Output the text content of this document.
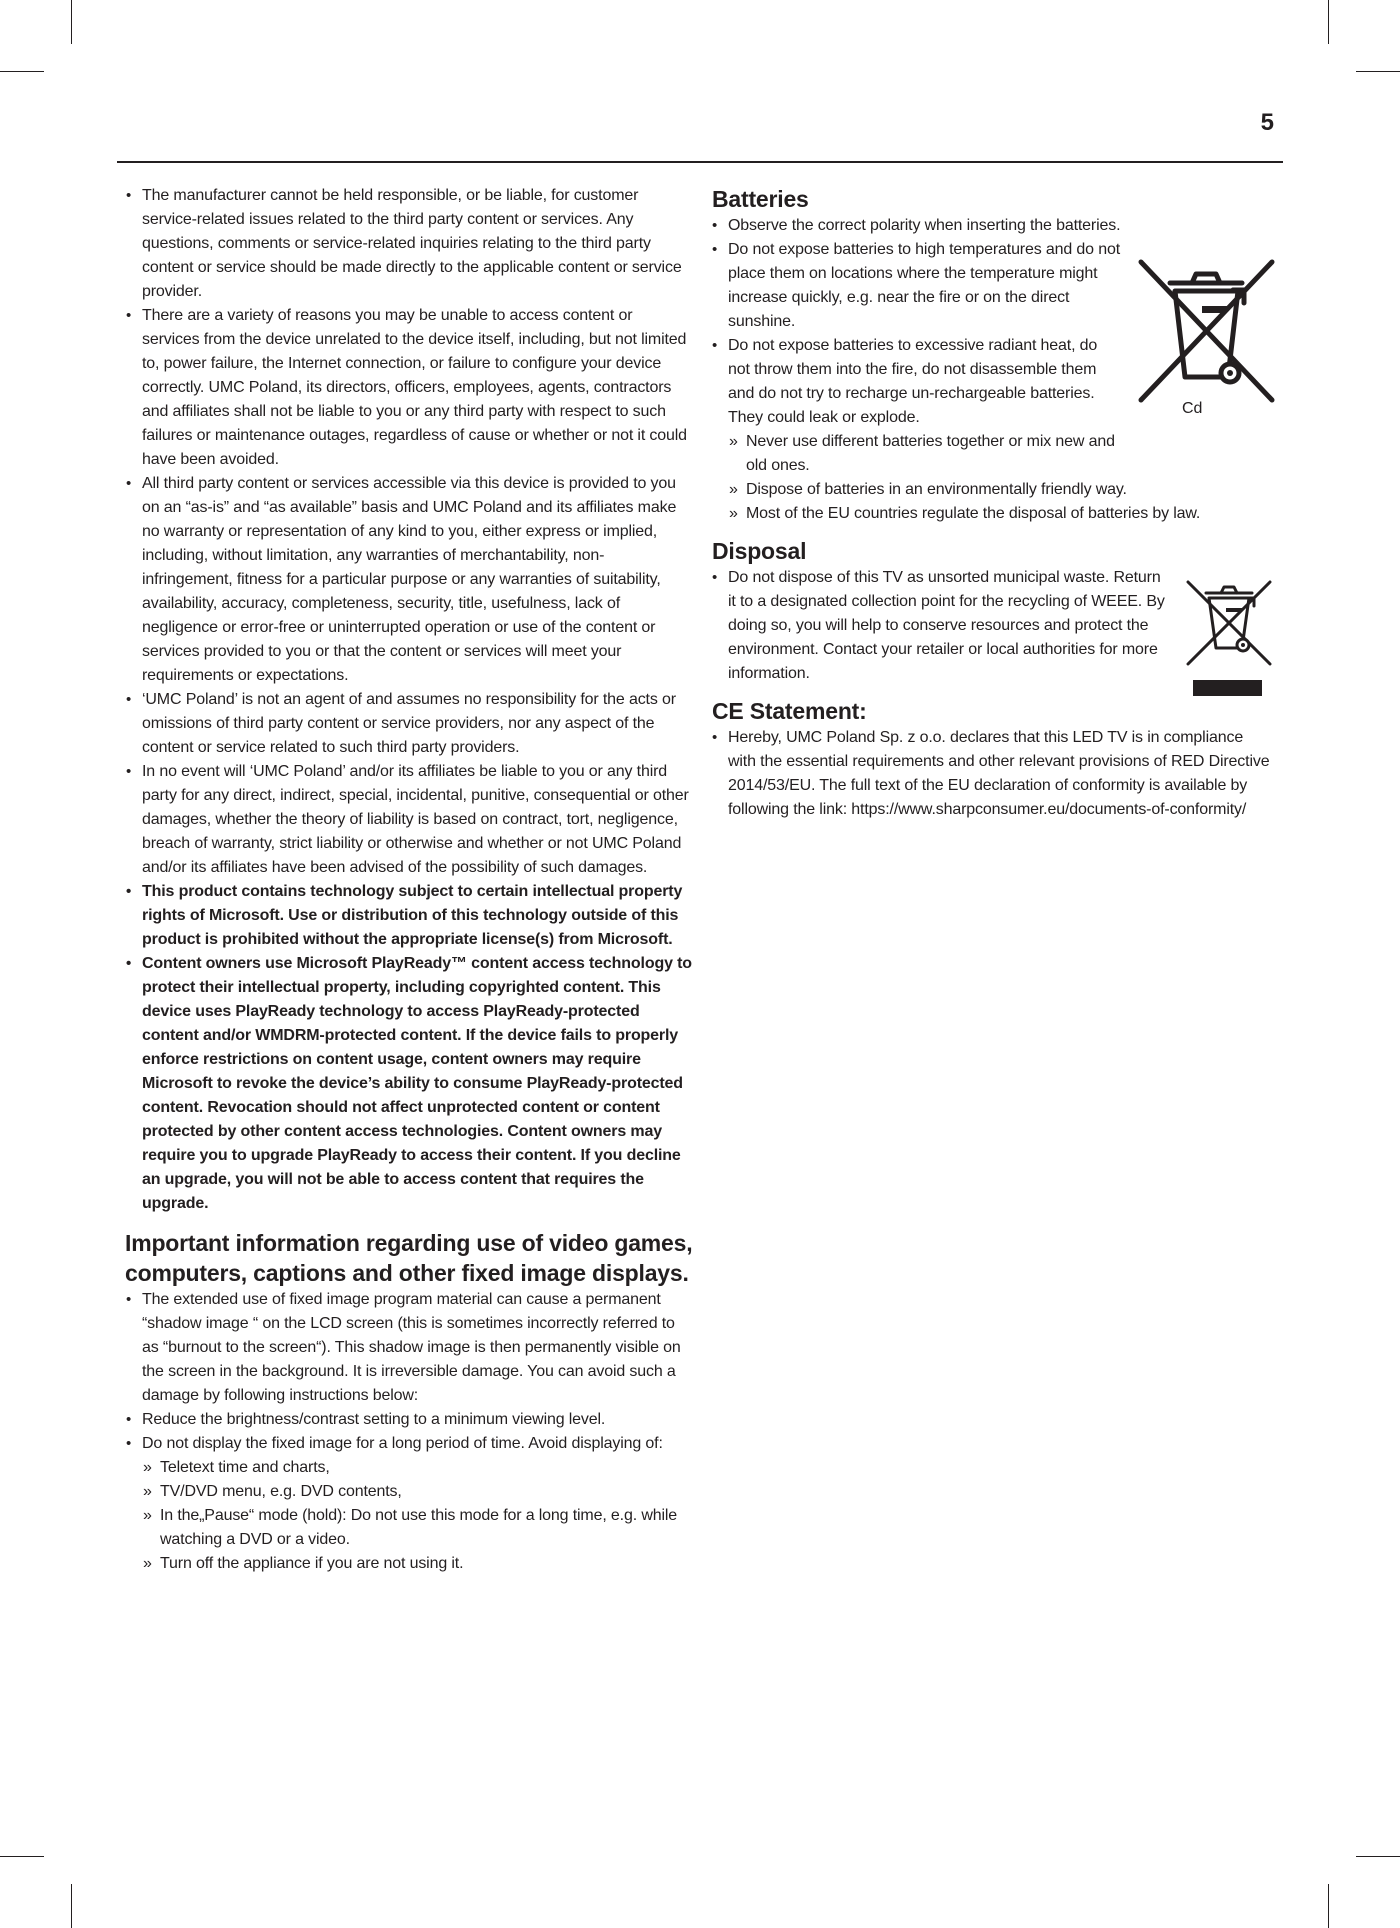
5
• The manufacturer cannot be held responsible, or be liable, for customer service-related issues related to the third party content or services. Any questions, comments or service-related inquiries relating to the third party content or service should be made directly to the applicable content or service provider.
• There are a variety of reasons you may be unable to access content or services from the device unrelated to the device itself, including, but not limited to, power failure, the Internet connection, or failure to configure your device correctly. UMC Poland, its directors, officers, employees, agents, contractors and affiliates shall not be liable to you or any third party with respect to such failures or maintenance outages, regardless of cause or whether or not it could have been avoided.
• All third party content or services accessible via this device is provided to you on an “as-is” and “as available” basis and UMC Poland and its affiliates make no warranty or representation of any kind to you, either express or implied, including, without limitation, any warranties of merchantability, non-infringement, fitness for a particular purpose or any warranties of suitability, availability, accuracy, completeness, security, title, usefulness, lack of negligence or error-free or uninterrupted operation or use of the content or services provided to you or that the content or services will meet your requirements or expectations.
• ‘UMC Poland’ is not an agent of and assumes no responsibility for the acts or omissions of third party content or service providers, nor any aspect of the content or service related to such third party providers.
• In no event will ‘UMC Poland’ and/or its affiliates be liable to you or any third party for any direct, indirect, special, incidental, punitive, consequential or other damages, whether the theory of liability is based on contract, tort, negligence, breach of warranty, strict liability or otherwise and whether or not UMC Poland and/or its affiliates have been advised of the possibility of such damages.
• This product contains technology subject to certain intellectual property rights of Microsoft. Use or distribution of this technology outside of this product is prohibited without the appropriate license(s) from Microsoft.
• Content owners use Microsoft PlayReady™ content access technology to protect their intellectual property, including copyrighted content. This device uses PlayReady technology to access PlayReady-protected content and/or WMDRM-protected content. If the device fails to properly enforce restrictions on content usage, content owners may require Microsoft to revoke the device’s ability to consume PlayReady-protected content. Revocation should not affect unprotected content or content protected by other content access technologies. Content owners may require you to upgrade PlayReady to access their content. If you decline an upgrade, you will not be able to access content that requires the upgrade.
Important information regarding use of video games, computers, captions and other fixed image displays.
• The extended use of fixed image program material can cause a permanent “shadow image “ on the LCD screen (this is sometimes incorrectly referred to as “burnout to the screen“). This shadow image is then permanently visible on the screen in the background. It is irreversible damage. You can avoid such a damage by following instructions below:
• Reduce the brightness/contrast setting to a minimum viewing level.
• Do not display the fixed image for a long period of time. Avoid displaying of:
» Teletext time and charts,
» TV/DVD menu, e.g. DVD contents,
» In the„Pause“ mode (hold): Do not use this mode for a long time, e.g. while watching a DVD or a video.
» Turn off the appliance if you are not using it.
Batteries
• Observe the correct polarity when inserting the batteries.
• Do not expose batteries to high temperatures and do not place them on locations where the temperature might increase quickly, e.g. near the fire or on the direct sunshine.
• Do not expose batteries to excessive radiant heat, do not throw them into the fire, do not disassemble them and do not try to recharge un-rechargeable batteries. They could leak or explode.
» Never use different batteries together or mix new and old ones.
» Dispose of batteries in an environmentally friendly way.
» Most of the EU countries regulate the disposal of batteries by law.
Disposal
• Do not dispose of this TV as unsorted municipal waste. Return it to a designated collection point for the recycling of WEEE. By doing so, you will help to conserve resources and protect the environment. Contact your retailer or local authorities for more information.
CE Statement:
• Hereby, UMC Poland Sp. z o.o. declares that this LED TV is in compliance with the essential requirements and other relevant provisions of RED Directive 2014/53/EU. The full text of the EU declaration of conformity is available by following the link: https://www.sharpconsumer.eu/documents-of-conformity/
Cd
